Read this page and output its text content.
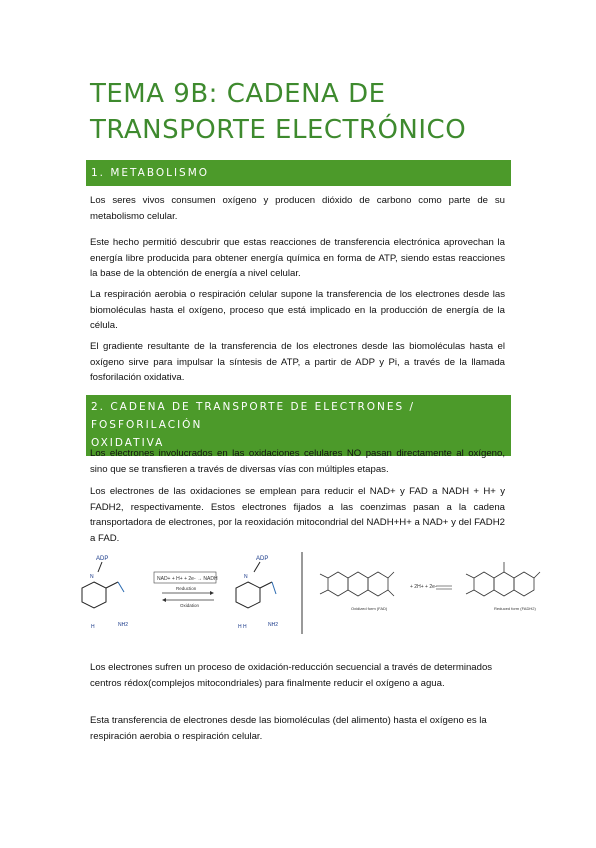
TEMA 9B: CADENA DE
TRANSPORTE ELECTRÓNICO
1. METABOLISMO

Los seres vivos consumen oxígeno y producen dióxido de carbono como parte de su metabolismo celular.

Este hecho permitió descubrir que estas reacciones de transferencia electrónica aprovechan la energía libre producida para obtener energía química en forma de ATP, siendo estas reacciones la base de la obtención de energía a nivel celular.

La respiración aerobia o respiración celular supone la transferencia de los electrones desde las biomoléculas hasta el oxígeno, proceso que está implicado en la producción de energía de la célula.

El gradiente resultante de la transferencia de los electrones desde las biomoléculas hasta el oxígeno sirve para impulsar la síntesis de ATP, a partir de ADP y Pi, a través de la llamada fosforilación oxidativa.

2. CADENA DE TRANSPORTE DE ELECTRONES / FOSFORILACIÓN
OXIDATIVA

Los electrones involucrados en las oxidaciones celulares NO pasan directamente al oxígeno, sino que se transfieren a través de diversas vías con múltiples etapas.

Los electrones de las oxidaciones se emplean para reducir el NAD+ y FAD a NADH + H+ y FADH2, respectivamente. Estos electrones fijados a las coenzimas pasan a la cadena transportadora de electrones, por la reoxidación mitocondrial del NADH+H+ a NAD+ y del FADH2 a FAD.

ADP
N
NH2
H
NAD+ + H+ + 2e- → NADH
Reduction
Oxidation
ADP
N
NH2
H H
Oxidized form (FAD)
+ 2H+ + 2e-
Reduced form (FADH2)

Los electrones sufren un proceso de oxidación-reducción secuencial a través de determinados centros rédox(complejos mitocondriales) para finalmente reducir el oxígeno a agua.

Esta transferencia de electrones desde las biomoléculas (del alimento) hasta el oxígeno es la respiración aerobia o respiración celular.
